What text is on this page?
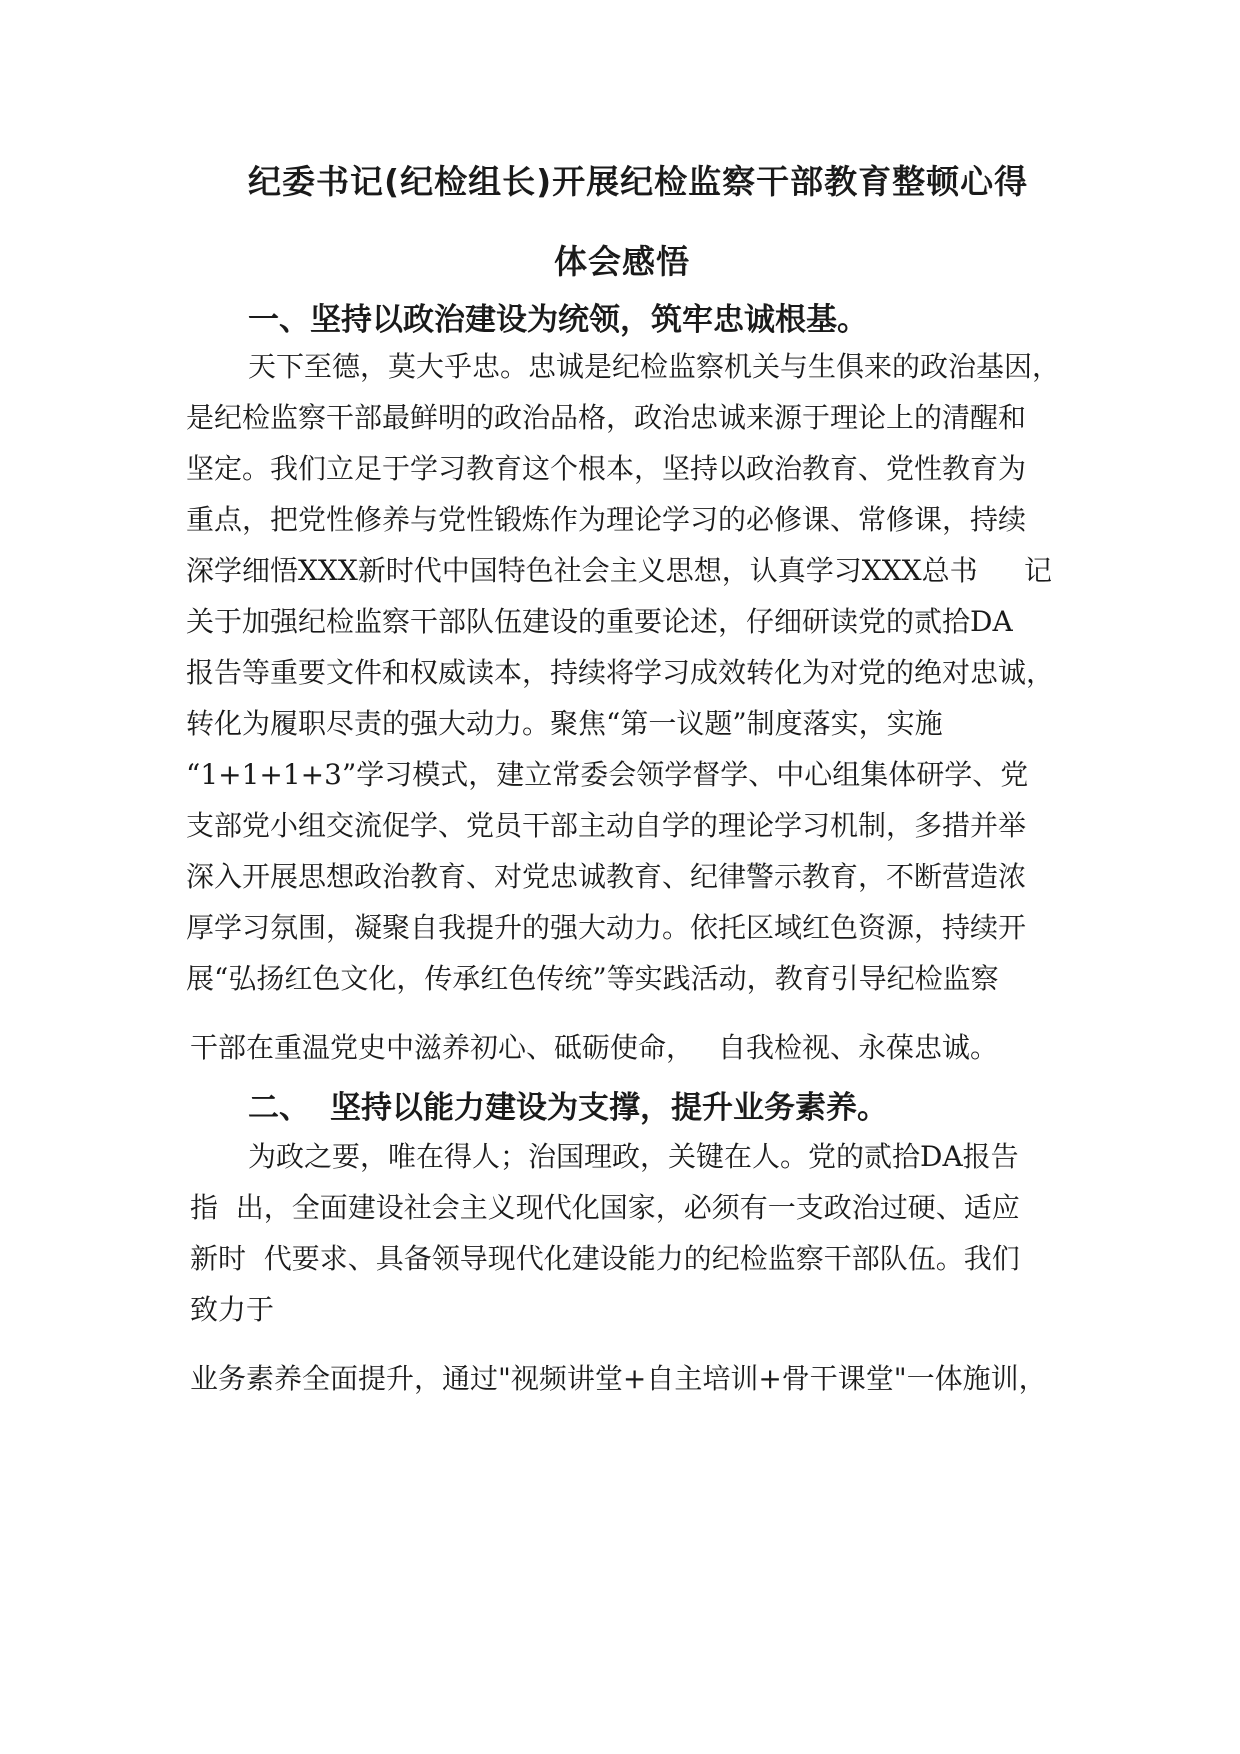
纪委书记(纪检组长)开展纪检监察干部教育整顿心得

体会感悟

一、坚持以政治建设为统领，筑牢忠诚根基。

天下至德，莫大乎忠。忠诚是纪检监察机关与生俱来的政治基因，

是纪检监察干部最鲜明的政治品格，政治忠诚来源于理论上的清醒和

坚定。我们立足于学习教育这个根本，坚持以政治教育、党性教育为

重点，把党性修养与党性锻炼作为理论学习的必修课、常修课，持续

深学细悟XXX新时代中国特色社会主义思想，认真学习XXX总书 记

关于加强纪检监察干部队伍建设的重要论述，仔细研读党的贰拾DA

报告等重要文件和权威读本，持续将学习成效转化为对党的绝对忠诚，

转化为履职尽责的强大动力。聚焦“第一议题”制度落实，实施

“1+1+1+3”学习模式，建立常委会领学督学、中心组集体研学、党

支部党小组交流促学、党员干部主动自学的理论学习机制，多措并举

深入开展思想政治教育、对党忠诚教育、纪律警示教育，不断营造浓

厚学习氛围，凝聚自我提升的强大动力。依托区域红色资源，持续开

展“弘扬红色文化，传承红色传统”等实践活动，教育引导纪检监察

干部在重温党史中滋养初心、砥砺使命， 自我检视、永葆忠诚。

二、 坚持以能力建设为支撑，提升业务素养。

为政之要，唯在得人；治国理政，关键在人。党的贰拾DA报告

指  出，全面建设社会主义现代化国家，必须有一支政治过硬、适应

新时  代要求、具备领导现代化建设能力的纪检监察干部队伍。我们

致力于

业务素养全面提升，通过"视频讲堂+自主培训+骨干课堂"一体施训，
